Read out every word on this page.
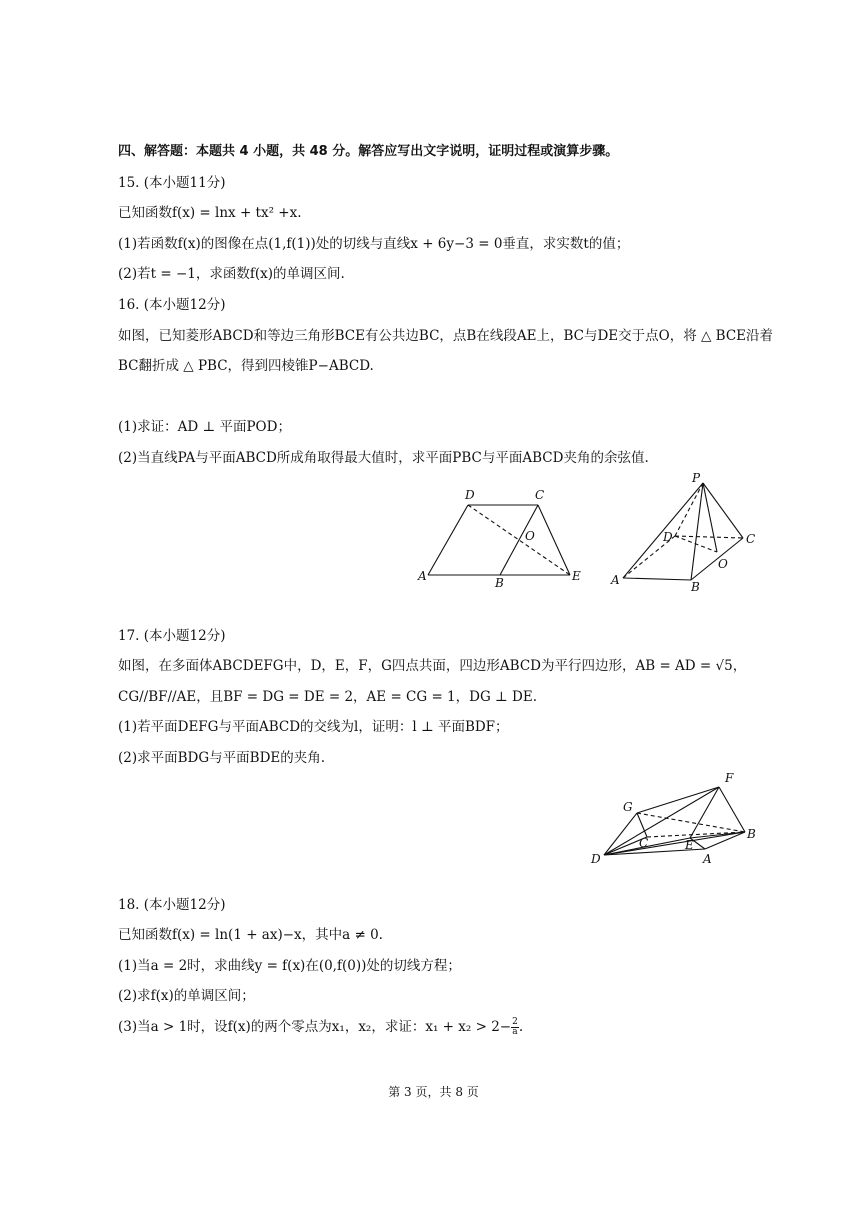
四、解答题：本题共 4 小题，共 48 分。解答应写出文字说明，证明过程或演算步骤。
15. (本小题11分)
已知函数f(x) = lnx + tx² +x.
(1)若函数f(x)的图像在点(1,f(1))处的切线与直线x + 6y−3 = 0垂直，求实数t的值；
(2)若t = −1，求函数f(x)的单调区间.
16. (本小题12分)
如图，已知菱形ABCD和等边三角形BCE有公共边BC，点B在线段AE上，BC与DE交于点O，将 △ BCE沿着
BC翻折成 △ PBC，得到四棱锥P−ABCD.
(1)求证：AD ⊥ 平面POD；
(2)当直线PA与平面ABCD所成角取得最大值时，求平面PBC与平面ABCD夹角的余弦值.
D	C
O
A	B	E
P
D	C
O
A	B
17. (本小题12分)
如图，在多面体ABCDEFG中，D，E，F，G四点共面，四边形ABCD为平行四边形，AB = AD = √5，
CG//BF//AE，且BF = DG = DE = 2，AE = CG = 1，DG ⊥ DE.
(1)若平面DEFG与平面ABCD的交线为l，证明：l ⊥ 平面BDF；
(2)求平面BDG与平面BDE的夹角.
G
F
B
C	E
A
D
18. (本小题12分)
已知函数f(x) = ln(1 + ax)−x，其中a ≠ 0.
(1)当a = 2时，求曲线y = f(x)在(0,f(0))处的切线方程；
(2)求f(x)的单调区间；
(3)当a > 1时，设f(x)的两个零点为x₁，x₂，求证：$x_1 + x_2 > 2- \frac{2}{a}$ .
第 3 页，共 8 页
